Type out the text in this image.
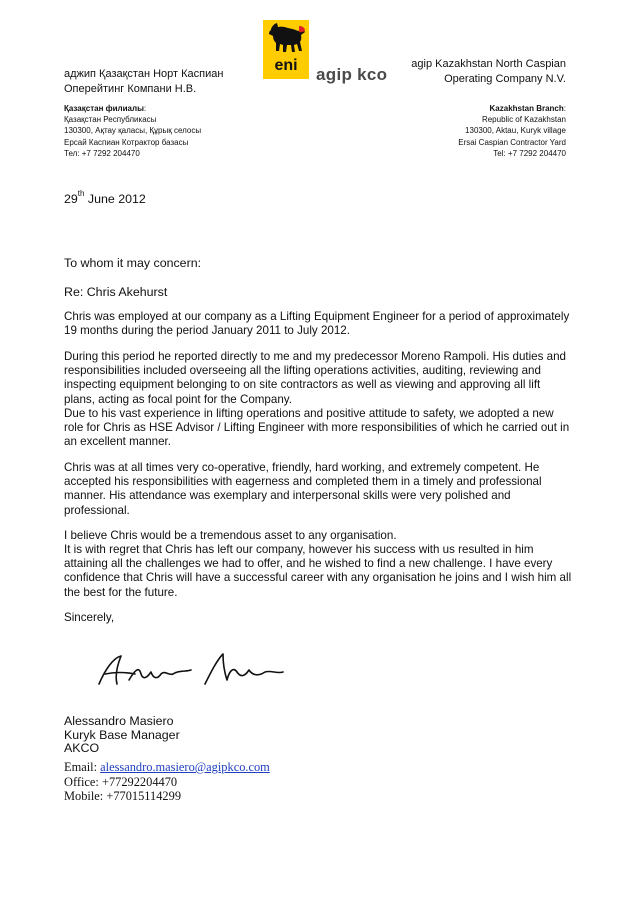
аджип Қазақстан Норт Каспиан
Оперейтинг Компани Н.В.
eni	agip kco
agip Kazakhstan North Caspian
Operating Company N.V.
Қазақстан филиалы:
Қазақстан Республикасы
130300, Ақтау қаласы, Құрық селосы
Ерсай Каспиан Котрактор базасы
Тел: +7 7292 204470
Kazakhstan Branch:
Republic of Kazakhstan
130300, Aktau, Kuryk village
Ersai Caspian Contractor Yard
Tel: +7 7292 204470
29th June 2012
To whom it may concern:
Re: Chris Akehurst

Chris was employed at our company as a Lifting Equipment Engineer for a period of approximately 19 months during the period January 2011 to July 2012.

During this period he reported directly to me and my predecessor Moreno Rampoli. His duties and responsibilities included overseeing all the lifting operations activities, auditing, reviewing and inspecting equipment belonging to on site contractors as well as viewing and approving all lift plans, acting as focal point for the Company.

Due to his vast experience in lifting operations and positive attitude to safety, we adopted a new role for Chris as HSE Advisor / Lifting Engineer with more responsibilities of which he carried out in an excellent manner.

Chris was at all times very co-operative, friendly, hard working, and extremely competent. He accepted his responsibilities with eagerness and completed them in a timely and professional manner. His attendance was exemplary and interpersonal skills were very polished and professional.

I believe Chris would be a tremendous asset to any organisation.

It is with regret that Chris has left our company, however his success with us resulted in him attaining all the challenges we had to offer, and he wished to find a new challenge. I have every confidence that Chris will have a successful career with any organisation he joins and I wish him all the best for the future.

Sincerely,
Alessandro Masiero
Kuryk Base Manager
AKCO
Email: alessandro.masiero@agipkco.com
Office: +77292204470
Mobile: +77015114299
